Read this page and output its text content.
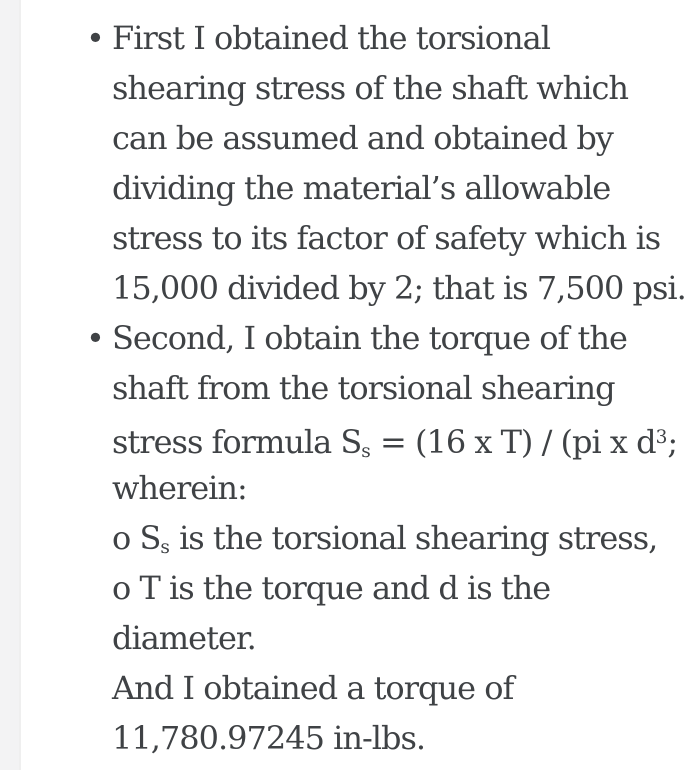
• First I obtained the torsional
shearing stress of the shaft which
can be assumed and obtained by
dividing the material’s allowable
stress to its factor of safety which is
15,000 divided by 2; that is 7,500 psi.
• Second, I obtain the torque of the
shaft from the torsional shearing
stress formula $S_s = (16$ x T) / (pi x $d^3$;
wherein:
o $S_s$ is the torsional shearing stress,
o T is the torque and d is the
diameter.
And I obtained a torque of
11,780.97245 in-lbs.
